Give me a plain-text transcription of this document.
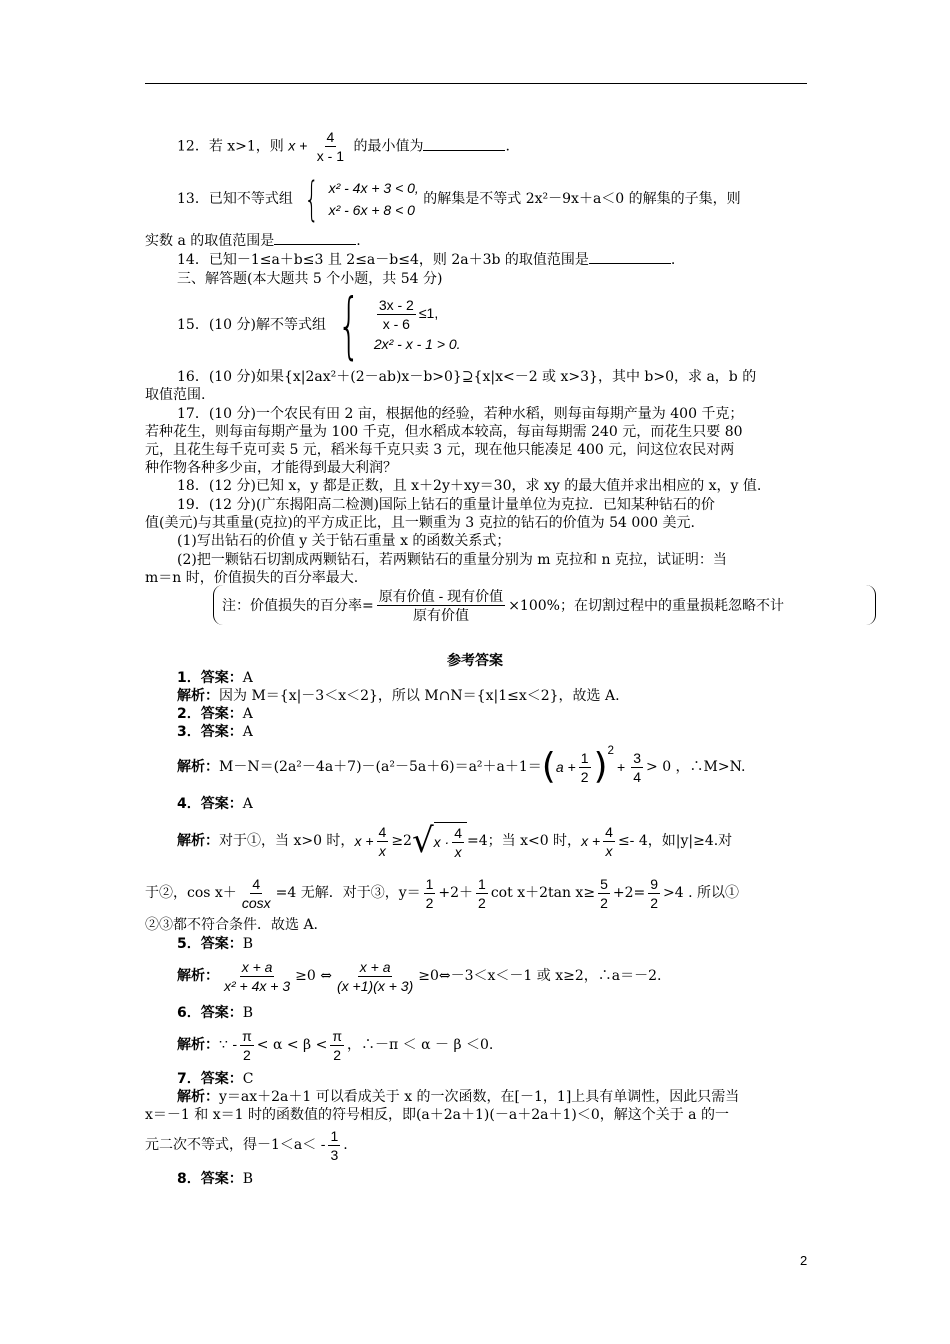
12．若 x>1，则 $x + \frac{4}{x - 1}$ 的最小值为	.
13．已知不等式组 { x² - 4x + 3 < 0,
x² - 6x + 8 < 0
的解集是不等式 2x²－9x＋a＜0 的解集的子集，则
实数 a 的取值范围是	.
14．已知－1≤a＋b≤3 且 2≤a－b≤4，则 2a＋3b 的取值范围是	.
三、解答题(本大题共 5 个小题，共 54 分)
15．(10 分)解不等式组 { $\frac{3x - 2}{x - 6} \le 1$,
2x² - x - 1 > 0.
16．(10 分)如果{x|2ax²＋(2－ab)x－b>0}⊇{x|x<－2 或 x>3}，其中 b>0，求 a，b 的
取值范围.
17．(10 分)一个农民有田 2 亩，根据他的经验，若种水稻，则每亩每期产量为 400 千克；
若种花生，则每亩每期产量为 100 千克，但水稻成本较高，每亩每期需 240 元，而花生只要 80
元，且花生每千克可卖 5 元，稻米每千克只卖 3 元，现在他只能凑足 400 元，问这位农民对两
种作物各种多少亩，才能得到最大利润？
18．(12 分)已知 x，y 都是正数，且 x＋2y＋xy＝30，求 xy 的最大值并求出相应的 x，y 值.
19．(12 分)(广东揭阳高二检测)国际上钻石的重量计量单位为克拉．已知某种钻石的价
值(美元)与其重量(克拉)的平方成正比，且一颗重为 3 克拉的钻石的价值为 54 000 美元.
(1)写出钻石的价值 y 关于钻石重量 x 的函数关系式；
(2)把一颗钻石切割成两颗钻石，若两颗钻石的重量分别为 m 克拉和 n 克拉，试证明：当
m＝n 时，价值损失的百分率最大.
注：价值损失的百分率= $\frac{\text{原有价值 - 现有价值}}{\text{原有价值}} \times 100\%$；在切割过程中的重量损耗忽略不计
参考答案
1．答案：A
解析：因为 M＝{x|－3＜x＜2}，所以 M∩N＝{x|1≤x＜2}，故选 A.
2．答案：A
3．答案：A
解析： M－N＝(2a²－4a＋7)－(a²－5a＋6)＝a²＋a＋1＝ ( $a + \frac{1}{2} )^2$
+ $\frac{3}{4} > 0$ ，∴M>N.
4．答案：A
解析： 对于①，当 x>0 时， $x + \frac{4}{x} \ge 2$ √ $x \cdot \frac{4}{x} =4$；当 x<0 时， $x + \frac{4}{x} \le- 4$，如|y|≥4.对
于②，$\cos x+ \frac{4}{\cos x} =4$ 无解．对于③，$y= \frac{1}{2} +2+ \frac{1}{2}$ cot x＋2tan $x\ge \frac{5}{2} +2= \frac{9}{2} >4$ . 所以①
②③都不符合条件．故选 A.
5．答案：B
解析： $\frac{x + a}{\text{x² + 4x + 3}} \ge 0$ ⇔ $\frac{x + a}{(x +1)(x + 3)}$ ≥0⇔－3＜x＜－1 或 x≥2，∴a＝－2.
6．答案：B
解析： ∵ - $\frac{\pi}{2} < \alpha < \beta < \frac{\pi}{2}$ ，∴－π ＜ α － β ＜0.
7．答案：C
解析：y＝ax＋2a＋1 可以看成关于 x 的一次函数，在[－1，1]上具有单调性，因此只需当
x＝－1 和 x＝1 时的函数值的符号相反，即(a＋2a＋1)(－a＋2a＋1)＜0，解这个关于 a 的一
元二次不等式，得$-1<a< - \frac{1}{3}$ .
8．答案：B
2
